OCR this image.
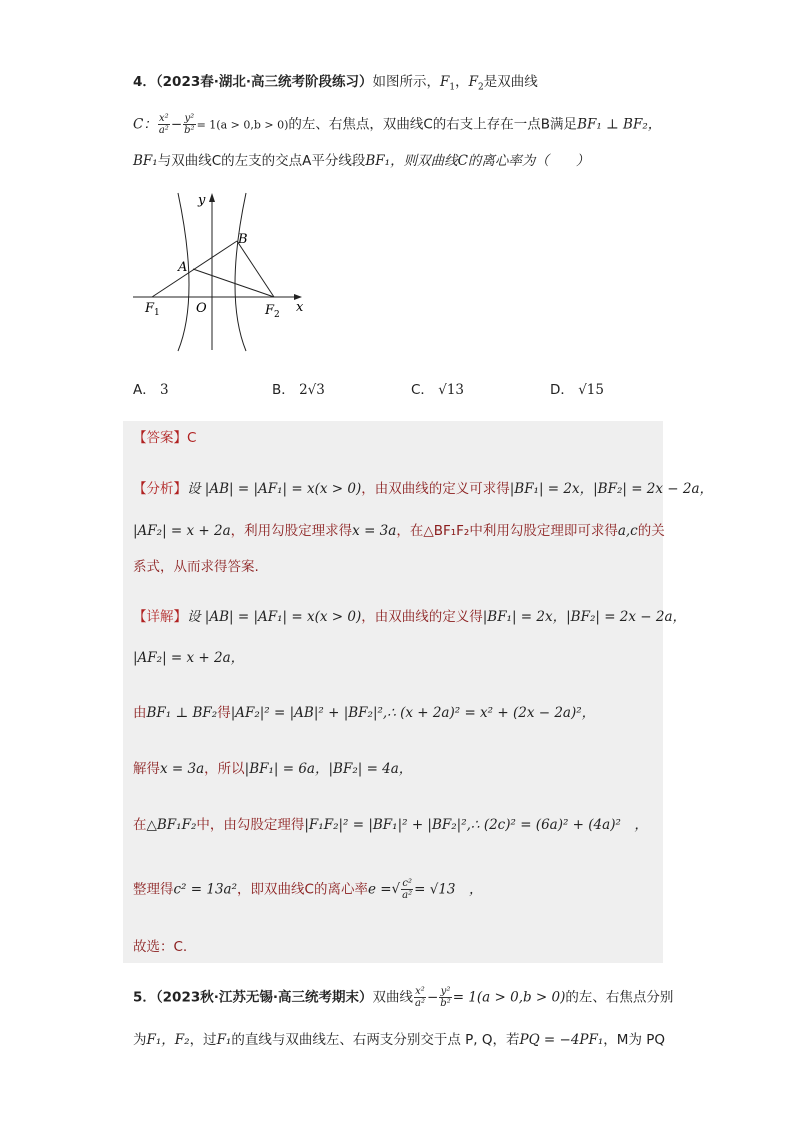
4．（2023春·湖北·高三统考阶段练习）如图所示，$F_1$，$F_2$是双曲线
C： $\frac{\text{x²}}{\text{a²}} - \frac{\text{y²}}{\text{b²}} = 1(a > 0,b > 0)$的左、右焦点，双曲线C的右支上存在一点B满足BF₁ ⊥ BF₂，
BF₁与双曲线C的左支的交点A平分线段BF₁，则双曲线C的离心率为（　　）
y
x
B
A
O
$F_1$	$F_2$
A． 3	B． 2√3	C． √13	D． √15
【答案】C
【分析】设 |AB| = |AF₁| = x(x > 0)，由双曲线的定义可求得|BF₁| = 2x，|BF₂| = 2x − 2a，
|AF₂| = x + 2a，利用勾股定理求得x = 3a，在△BF₁F₂中利用勾股定理即可求得a,c的关
系式，从而求得答案.
【详解】设 |AB| = |AF₁| = x(x > 0)，由双曲线的定义得|BF₁| = 2x，|BF₂| = 2x − 2a，
|AF₂| = x + 2a，
由BF₁ ⊥ BF₂得|AF₂|² = |AB|² + |BF₂|²,∴ (x + 2a)² = x² + (2x − 2a)²，
解得x = 3a，所以|BF₁| = 6a，|BF₂| = 4a，
在△BF₁F₂中，由勾股定理得|F₁F₂|² = |BF₁|² + |BF₂|²,∴ (2c)² = (6a)² + (4a)²　，
整理得c² = 13a²，即双曲线C的离心率e =√ $\frac{\text{c²}}{\text{a²}} = √13$　，
故选：C.
5．（2023秋·江苏无锡·高三统考期末）双曲线 $\frac{\text{x²}}{\text{a²}} - \frac{\text{y²}}{\text{b²}} = 1(a > 0,b > 0)$的左、右焦点分别
为F₁，F₂，过F₁的直线与双曲线左、右两支分别交于点 P, Q，若PQ = −4PF₁，M为 PQ
